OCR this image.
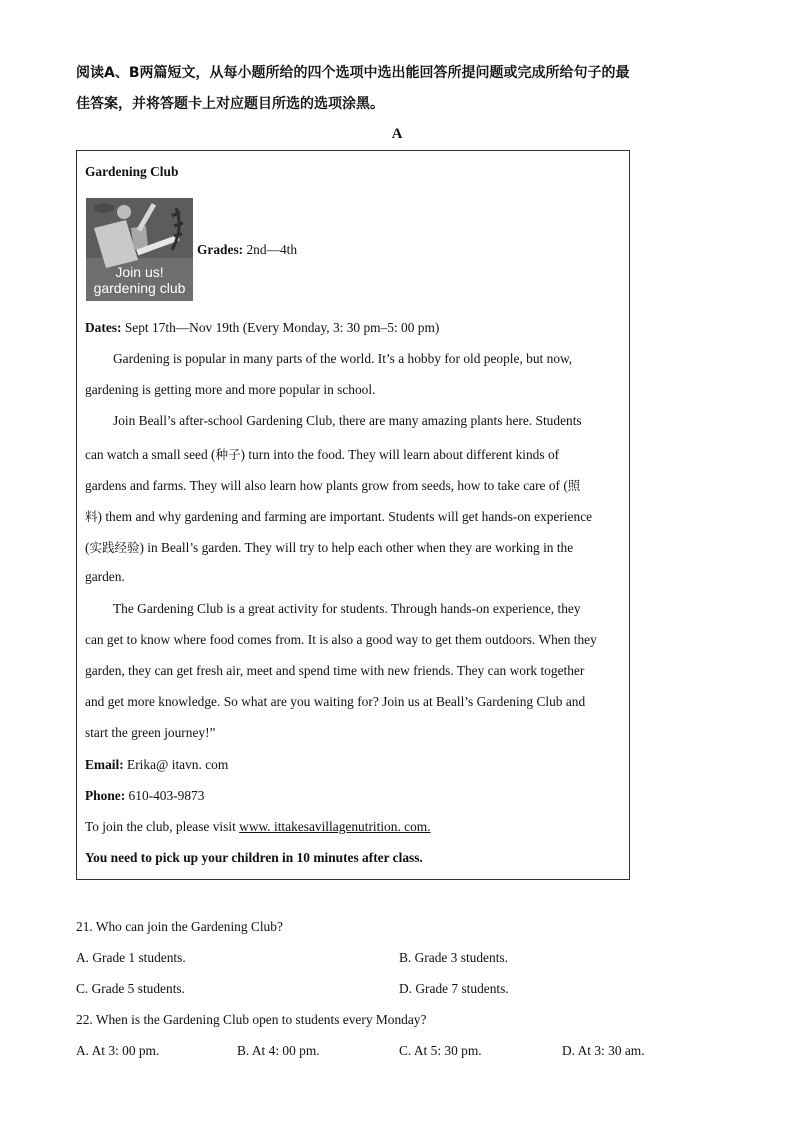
阅读A、B两篇短文，从每小题所给的四个选项中选出能回答所提问题或完成所给句子的最
佳答案，并将答题卡上对应题目所选的选项涂黑。
A
Gardening Club
Join us!
gardening club
Grades: 2nd—4th
Dates: Sept 17th—Nov 19th (Every Monday, 3: 30 pm–5: 00 pm)
Gardening is popular in many parts of the world. It’s a hobby for old people, but now,
gardening is getting more and more popular in school.
Join Beall’s after-school Gardening Club, there are many amazing plants here. Students
can watch a small seed (种子) turn into the food. They will learn about different kinds of
gardens and farms. They will also learn how plants grow from seeds, how to take care of (照
料) them and why gardening and farming are important. Students will get hands-on experience
(实践经验) in Beall’s garden. They will try to help each other when they are working in the
garden.
The Gardening Club is a great activity for students. Through hands-on experience, they
can get to know where food comes from. It is also a good way to get them outdoors. When they
garden, they can get fresh air, meet and spend time with new friends. They can work together
and get more knowledge. So what are you waiting for? Join us at Beall’s Gardening Club and
start the green journey!”
Email: Erika@ itavn. com
Phone: 610-403-9873
To join the club, please visit www. ittakesavillagenutrition. com.
You need to pick up your children in 10 minutes after class.
21. Who can join the Gardening Club?
A. Grade 1 students.	B. Grade 3 students.
C. Grade 5 students.	D. Grade 7 students.
22. When is the Gardening Club open to students every Monday?
A. At 3: 00 pm.	B. At 4: 00 pm.	C. At 5: 30 pm.	D. At 3: 30 am.
